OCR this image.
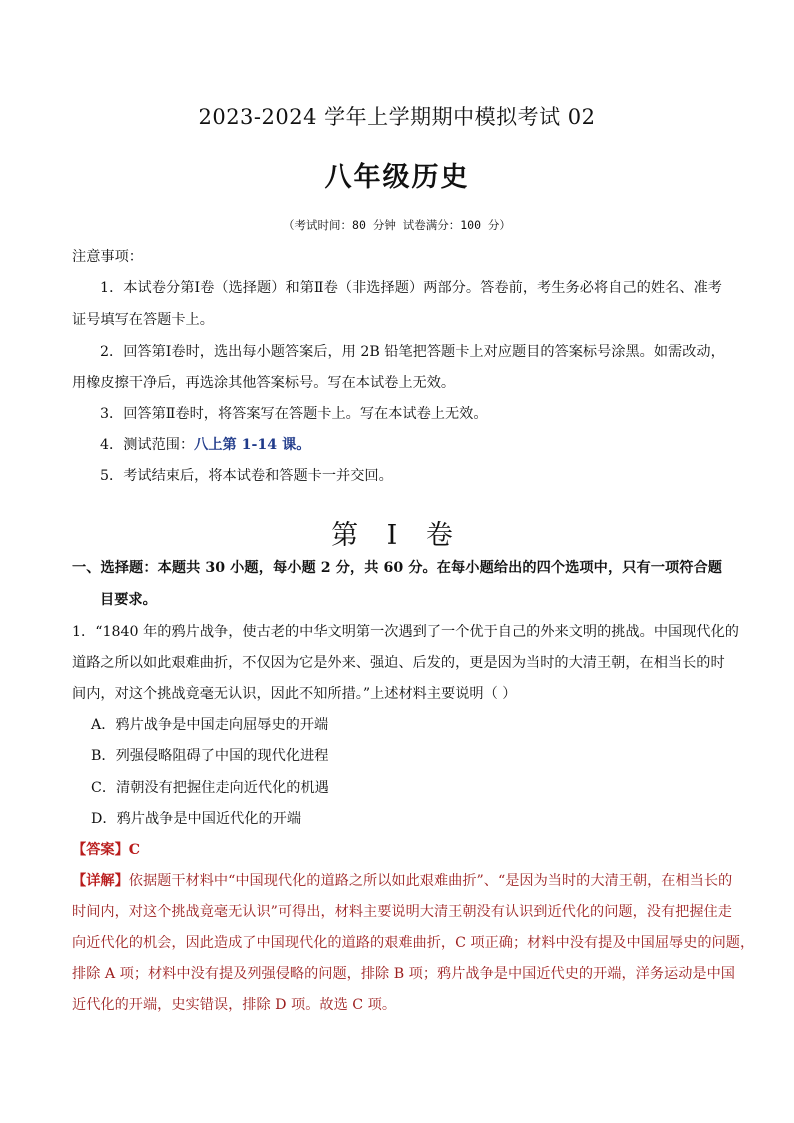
2023-2024 学年上学期期中模拟考试 02
八年级历史
（考试时间：80 分钟 试卷满分：100 分）
注意事项：
1．本试卷分第Ⅰ卷（选择题）和第Ⅱ卷（非选择题）两部分。答卷前，考生务必将自己的姓名、准考
证号填写在答题卡上。
2．回答第Ⅰ卷时，选出每小题答案后，用 2B 铅笔把答题卡上对应题目的答案标号涂黑。如需改动，
用橡皮擦干净后，再选涂其他答案标号。写在本试卷上无效。
3．回答第Ⅱ卷时，将答案写在答题卡上。写在本试卷上无效。
4．测试范围：八上第 1-14 课。
5．考试结束后，将本试卷和答题卡一并交回。
第 I 卷
一、选择题：本题共 30 小题，每小题 2 分，共 60 分。在每小题给出的四个选项中，只有一项符合题
目要求。
1．“1840 年的鸦片战争，使古老的中华文明第一次遇到了一个优于自己的外来文明的挑战。中国现代化的
道路之所以如此艰难曲折，不仅因为它是外来、强迫、后发的，更是因为当时的大清王朝，在相当长的时
间内，对这个挑战竟毫无认识，因此不知所措。”上述材料主要说明（ ）
A．鸦片战争是中国走向屈辱史的开端
B．列强侵略阻碍了中国的现代化进程
C．清朝没有把握住走向近代化的机遇
D．鸦片战争是中国近代化的开端
【答案】C
【详解】依据题干材料中“中国现代化的道路之所以如此艰难曲折”、“是因为当时的大清王朝，在相当长的
时间内，对这个挑战竟毫无认识”可得出，材料主要说明大清王朝没有认识到近代化的问题，没有把握住走
向近代化的机会，因此造成了中国现代化的道路的艰难曲折，C 项正确；材料中没有提及中国屈辱史的问题，
排除 A 项；材料中没有提及列强侵略的问题，排除 B 项；鸦片战争是中国近代史的开端，洋务运动是中国
近代化的开端，史实错误，排除 D 项。故选 C 项。
